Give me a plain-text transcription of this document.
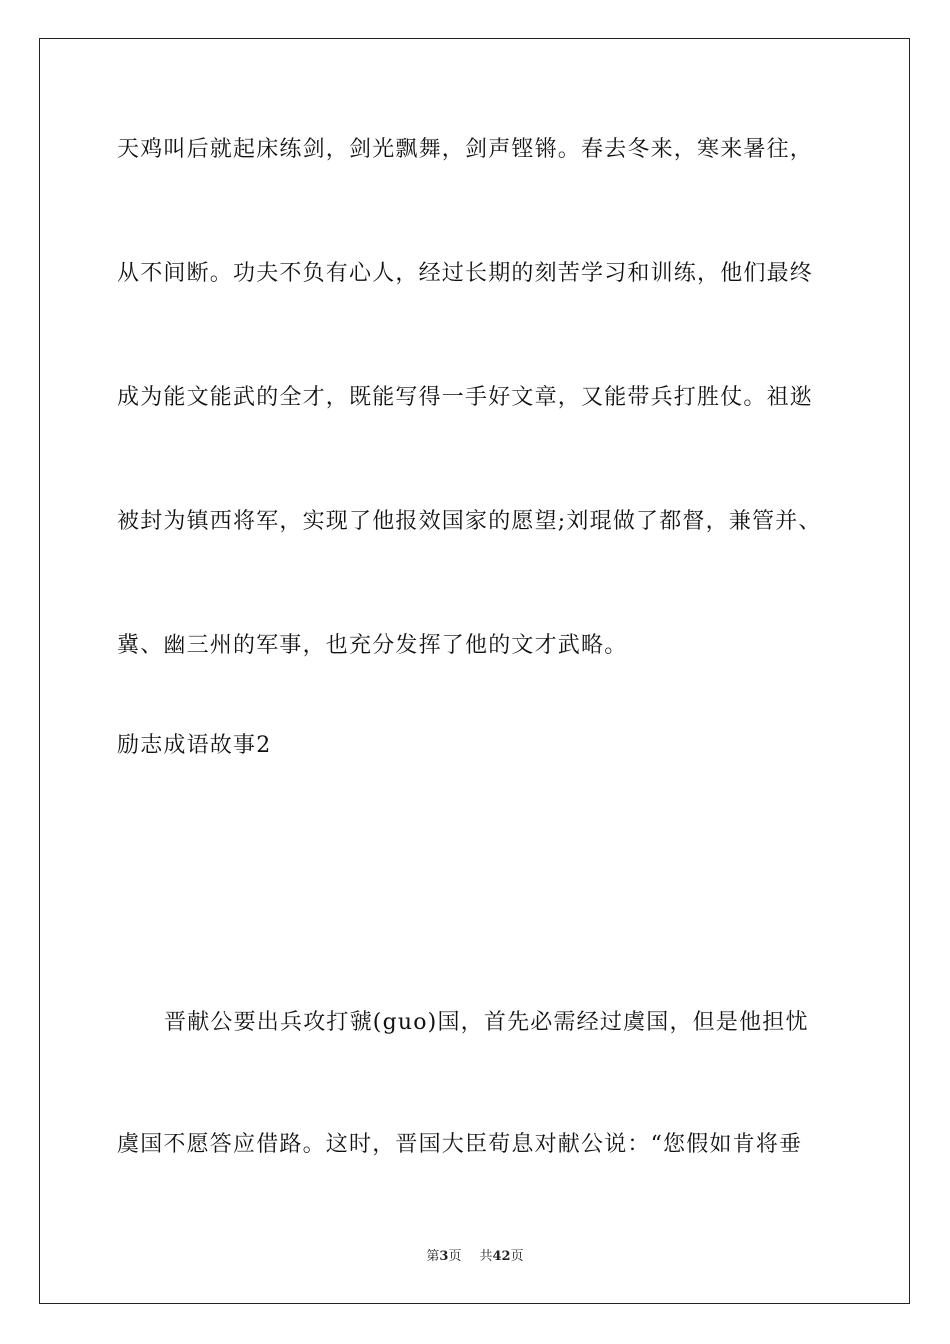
天鸡叫后就起床练剑，剑光飘舞，剑声铿锵。春去冬来，寒来暑往，
从不间断。功夫不负有心人，经过长期的刻苦学习和训练，他们最终
成为能文能武的全才，既能写得一手好文章，又能带兵打胜仗。祖逖
被封为镇西将军，实现了他报效国家的愿望;刘琨做了都督，兼管并、
冀、幽三州的军事，也充分发挥了他的文才武略。
励志成语故事2
晋献公要出兵攻打虢(guo)国，首先必需经过虞国，但是他担忧
虞国不愿答应借路。这时，晋国大臣荀息对献公说：“您假如肯将垂
第3页 共42页
